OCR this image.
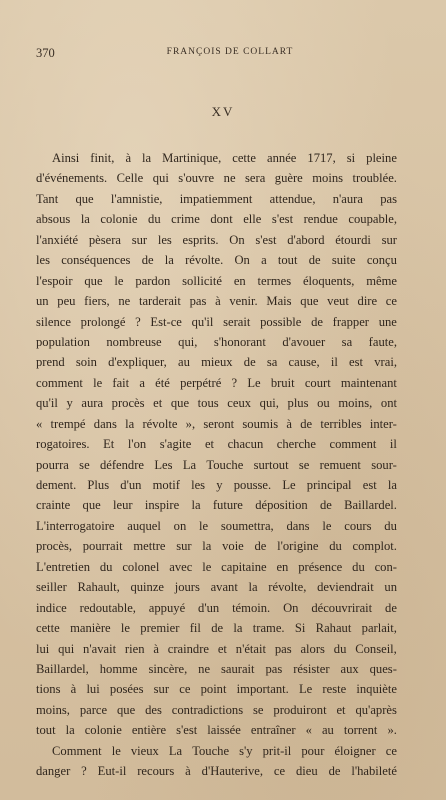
370	FRANÇOIS DE COLLART
XV
Ainsi finit, à la Martinique, cette année 1717, si pleine
d'événements. Celle qui s'ouvre ne sera guère moins troublée.
Tant que l'amnistie, impatiemment attendue, n'aura pas
absous la colonie du crime dont elle s'est rendue coupable,
l'anxiété pèsera sur les esprits. On s'est d'abord étourdi sur
les conséquences de la révolte. On a tout de suite conçu
l'espoir que le pardon sollicité en termes éloquents, même
un peu fiers, ne tarderait pas à venir. Mais que veut dire ce
silence prolongé ? Est-ce qu'il serait possible de frapper une
population nombreuse qui, s'honorant d'avouer sa faute,
prend soin d'expliquer, au mieux de sa cause, il est vrai,
comment le fait a été perpétré ? Le bruit court maintenant
qu'il y aura procès et que tous ceux qui, plus ou moins, ont
« trempé dans la révolte », seront soumis à de terribles inter-
rogatoires. Et l'on s'agite et chacun cherche comment il
pourra se défendre Les La Touche surtout se remuent sour-
dement. Plus d'un motif les y pousse. Le principal est la
crainte que leur inspire la future déposition de Baillardel.
L'interrogatoire auquel on le soumettra, dans le cours du
procès, pourrait mettre sur la voie de l'origine du complot.
L'entretien du colonel avec le capitaine en présence du con-
seiller Rahault, quinze jours avant la révolte, deviendrait un
indice redoutable, appuyé d'un témoin. On découvrirait de
cette manière le premier fil de la trame. Si Rahaut parlait,
lui qui n'avait rien à craindre et n'était pas alors du Conseil,
Baillardel, homme sincère, ne saurait pas résister aux ques-
tions à lui posées sur ce point important. Le reste inquiète
moins, parce que des contradictions se produiront et qu'après
tout la colonie entière s'est laissée entraîner « au torrent ».
Comment le vieux La Touche s'y prit-il pour éloigner ce
danger ? Eut-il recours à d'Hauterive, ce dieu de l'habileté
